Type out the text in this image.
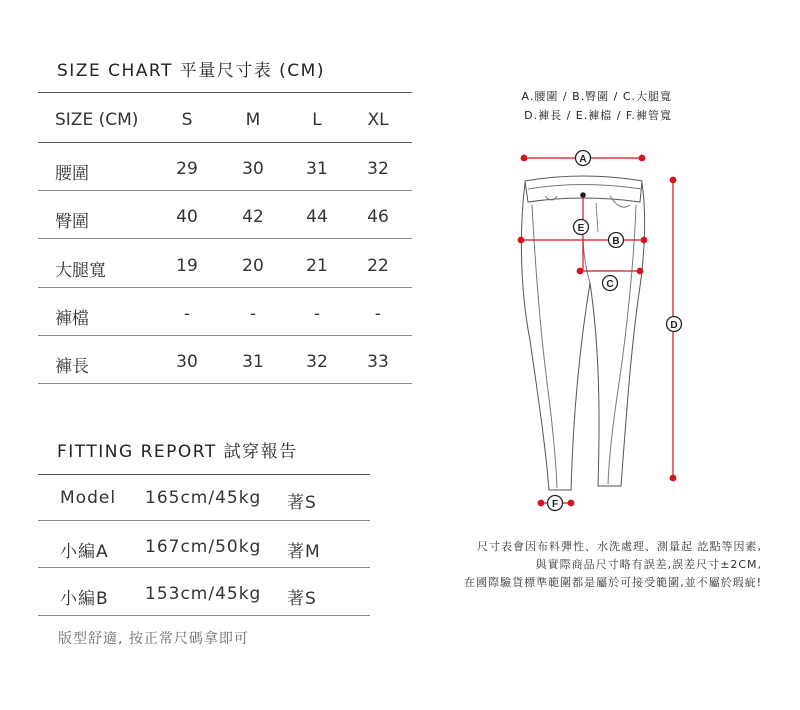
SIZE CHART 平量尺寸表 (CM)
SIZE (CM)	S	M	L	XL
腰圍	29	30 31 32
臀圍	40	42 44 46
大腿寬	19	20 21 22
褲檔	-	-	-	-
褲長	30	31 32 33
FITTING REPORT 試穿報告
Model 165cm/45kg 著S
小編A 167cm/50kg 著M
小編B 153cm/45kg 著S
版型舒適, 按正常尺碼拿即可
A.腰圍 / B.臀圍 / C.大腿寬
D.褲長 / E.褲檔 / F.褲管寬
A
E
B
C
D
F
尺寸表會因布料彈性、水洗處理、測量起 訖點等因素,
與實際商品尺寸略有誤差,誤差尺寸±2CM,
在國際驗貨標準範圍都是屬於可接受範圍,並不屬於瑕疵!
